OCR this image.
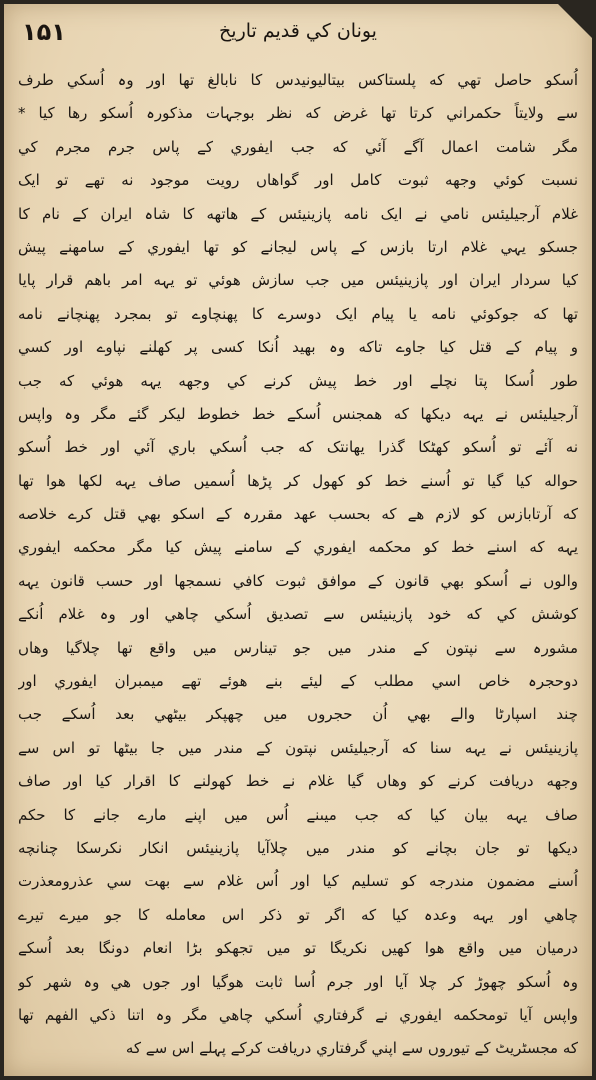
۱۵۱	یونان کي قدیم تاریخ
اُسکو حاصل تھي که پلستاکس بیتالیونیدس کا نابالغ تھا اور وہ اُسکي طرف
سے ولایتاً حکمراني کرتا تھا غرض که نظر بوجہات مذکورہ اُسکو رھا کیا *
مگر شامت اعمال آگے آئي که جب ایفوري کے پاس جرم مجرم کي
نسبت کوئي وجهه ثبوت کامل اور گواهاں رویت موجود نه تھے تو ایک
غلام آرجیلیئس نامي نے ایک نامه پازینیئس کے هاتهه کا شاہ ایران کے نام کا
جسکو یہي غلام ارتا بازس کے پاس لیجانے کو تھا ایفوري کے سامهنے پیش
کیا سردار ایران اور پازینیئس میں جب سازش هوئي تو یہه امر باهم قرار پایا
تھا که جوکوئي نامه یا پیام ایک دوسرے کا پهنچاوے تو بمجرد پهنچانے نامه
و پیام کے قتل کیا جاوے تاکه وہ بهید اُنکا کسی پر کهلنے نپاوے اور کسي
طور اُسکا پتا نچلے اور خط پیش کرنے کي وجهه یہه هوئي که جب
آرجیلیئس نے یہه دیکها که همجنس اُسکے خط خطوط لیکر گئے مگر وہ واپس
نه آئے تو اُسکو کهٹکا گذرا یهانتک که جب اُسکي باري آئي اور خط اُسکو
حواله کیا گیا تو اُسنے خط کو کهول کر پڑها اُسمیں صاف یہه لکها هوا تھا
که آرتابازس کو لازم هے که بحسب عهد مقررہ کے اسکو بھي قتل کرے خلاصه
یہه که اسنے خط کو محکمه ایفوري کے سامنے پیش کیا مگر محکمه ایفوري
والوں نے اُسکو بھي قانون کے موافق ثبوت کافي نسمجها اور حسب قانون یہه
کوشش کي که خود پازینیئس سے تصدیق اُسکي چاهي اور وہ غلام اُنکے
مشورہ سے نپتون کے مندر میں جو تینارس میں واقع تھا چلاگیا وهاں
دوحجرہ خاص اسي مطلب کے لیئے بنے هوئے تھے میمبران ایفوري اور
چند اسپارٹا والے بھي اُن حجروں میں چهپکر بیٹھي بعد اُسکے جب
پازینیئس نے یہه سنا که آرجیلیئس نپتون کے مندر میں جا بیٹھا تو اس سے
وجهه دریافت کرنے کو وهاں گیا غلام نے خط کهولنے کا اقرار کیا اور صاف
صاف یہه بیان کیا که جب میںنے اُس میں اپنے مارے جانے کا حکم
دیکها تو جان بچانے کو مندر میں چلاآیا پازینیئس انکار نکرسکا چنانچه
اُسنے مضمون مندرجه کو تسلیم کیا اور اُس غلام سے بهت سي عذرومعذرت
چاهي اور یہه وعدہ کیا که اگر تو ذکر اس معامله کا جو میرے تیرے
درمیان میں واقع هوا کهیں نکریگا تو میں تجهکو بڑا انعام دونگا بعد اُسکے
وہ اُسکو چهوڑ کر چلا آیا اور جرم اُسا ثابت هوگیا اور جوں هي وہ شهر کو
واپس آیا تومحکمه ایفوري نے گرفتاري اُسکي چاهي مگر وہ اتنا ذکي الفهم تها
که مجسٹریٹ کے تیوروں سے اپني گرفتاري دریافت کرکے پہلے اس سے که
